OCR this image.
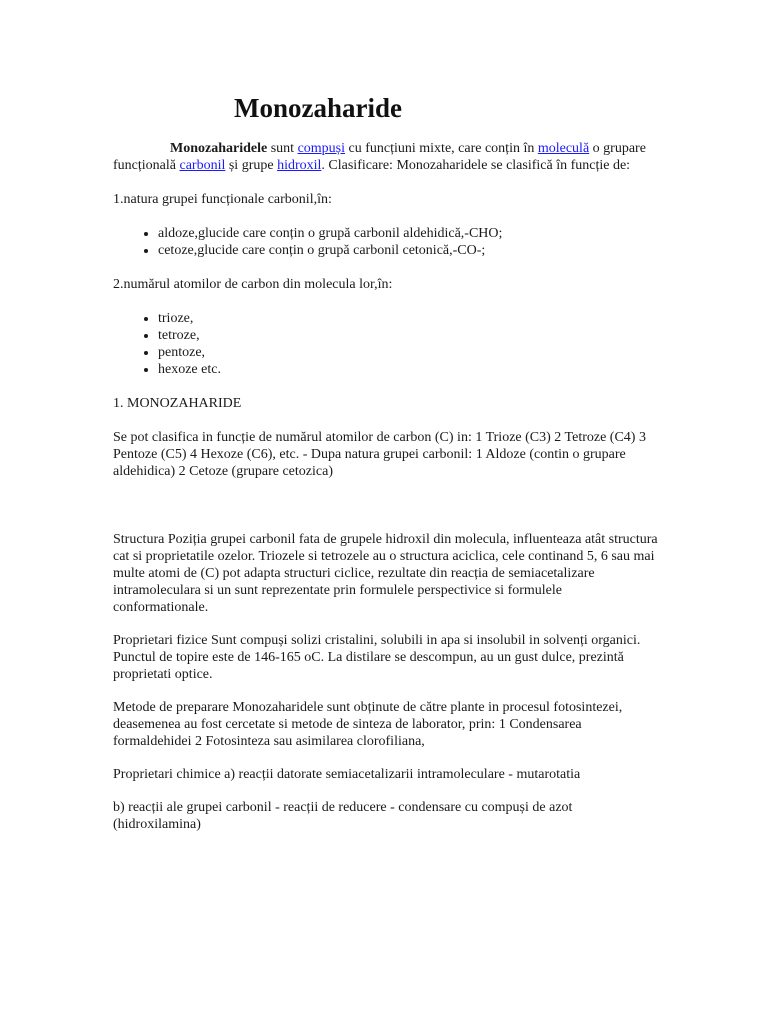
Monozaharide

Monozaharidele sunt compuși cu funcțiuni mixte, care conțin în moleculă o grupare funcțională carbonil și grupe hidroxil. Clasificare: Monozaharidele se clasifică în funcție de:

1.natura grupei funcționale carbonil,în:

• aldoze,glucide care conțin o grupă carbonil aldehidică,-CHO;
• cetoze,glucide care conțin o grupă carbonil cetonică,-CO-;

2.numărul atomilor de carbon din molecula lor,în:

• trioze,
• tetroze,
• pentoze,
• hexoze etc.

1. MONOZAHARIDE

Se pot clasifica in funcție de numărul atomilor de carbon (C) in: 1 Trioze (C3) 2 Tetroze (C4) 3 Pentoze (C5) 4 Hexoze (C6), etc. - Dupa natura grupei carbonil: 1 Aldoze (contin o grupare aldehidica) 2 Cetoze (grupare cetozica)

Structura Poziția grupei carbonil fata de grupele hidroxil din molecula, influenteaza atât structura cat si proprietatile ozelor. Triozele si tetrozele au o structura aciclica, cele continand 5, 6 sau mai multe atomi de (C) pot adapta structuri ciclice, rezultate din reacția de semiacetalizare intramoleculara si un sunt reprezentate prin formulele perspectivice si formulele conformationale.

Proprietari fizice Sunt compuși solizi cristalini, solubili in apa si insolubil in solvenți organici. Punctul de topire este de 146-165 oC. La distilare se descompun, au un gust dulce, prezintă proprietati optice.

Metode de preparare Monozaharidele sunt obținute de către plante in procesul fotosintezei, deasemenea au fost cercetate si metode de sinteza de laborator, prin: 1 Condensarea formaldehidei 2 Fotosinteza sau asimilarea clorofiliana,

Proprietari chimice a) reacții datorate semiacetalizarii intramoleculare - mutarotatia

b) reacții ale grupei carbonil - reacții de reducere - condensare cu compuși de azot (hidroxilamina)
